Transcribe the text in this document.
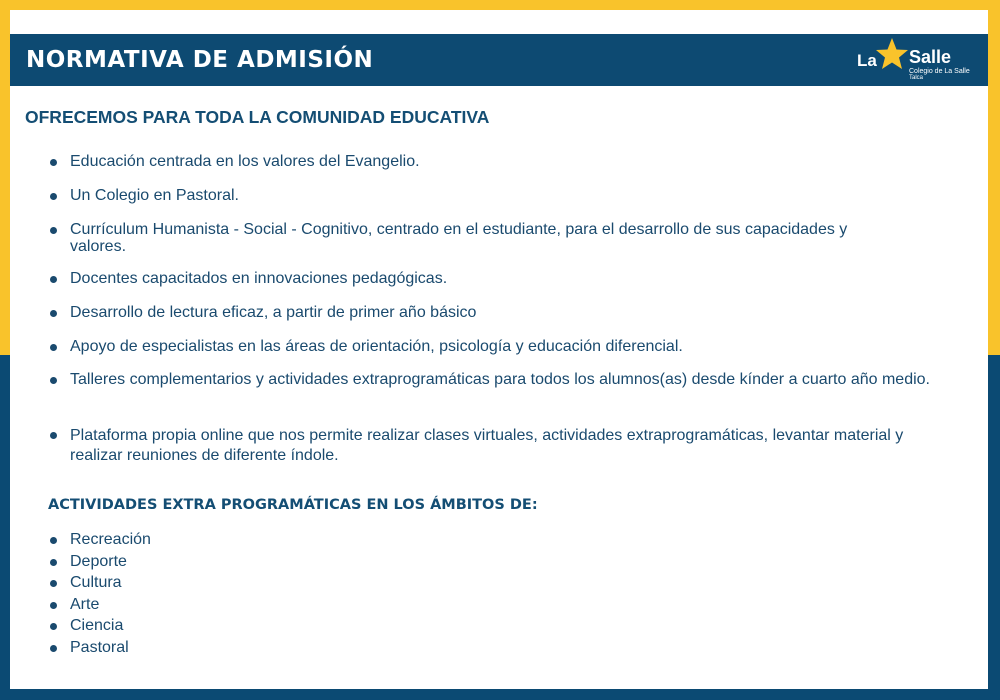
NORMATIVA DE ADMISIÓN	La Salle
Colegio de La Salle
Talca
OFRECEMOS PARA TODA LA COMUNIDAD EDUCATIVA
Educación centrada en los valores del Evangelio.
Un Colegio en Pastoral.
Currículum Humanista - Social - Cognitivo, centrado en el estudiante, para el desarrollo de sus capacidades y valores.
Docentes capacitados en innovaciones pedagógicas.
Desarrollo de lectura eficaz, a partir de primer año básico
Apoyo de especialistas en las áreas de orientación, psicología y educación diferencial.
Talleres complementarios y actividades extraprogramáticas para todos los alumnos(as) desde kínder a cuarto año medio.
Plataforma propia online que nos permite realizar clases virtuales, actividades extraprogramáticas, levantar material y realizar reuniones de diferente índole.
ACTIVIDADES EXTRA PROGRAMÁTICAS EN LOS ÁMBITOS DE:
Recreación
Deporte
Cultura
Arte
Ciencia
Pastoral
